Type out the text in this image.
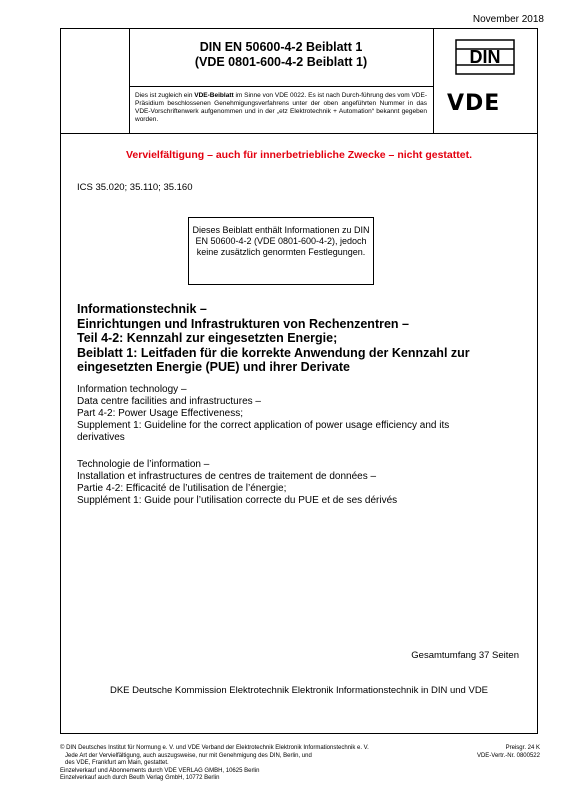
November 2018
DIN EN 50600-4-2 Beiblatt 1
(VDE 0801-600-4-2 Beiblatt 1)
Dies ist zugleich ein VDE-Beiblatt im Sinne von VDE 0022. Es ist nach Durch-führung des vom VDE-Präsidium beschlossenen Genehmigungsverfahrens unter der oben angeführten Nummer in das VDE-Vorschriftenwerk aufgenommen und in der „etz Elektrotechnik + Automation“ bekannt gegeben worden.
DIN
VDE
Vervielfältigung – auch für innerbetriebliche Zwecke – nicht gestattet.
ICS 35.020; 35.110; 35.160
Dieses Beiblatt enthält Informationen zu DIN EN 50600-4-2 (VDE 0801-600-4-2), jedoch keine zusätzlich genormten Festlegungen.
Informationstechnik –
Einrichtungen und Infrastrukturen von Rechenzentren –
Teil 4-2: Kennzahl zur eingesetzten Energie;
Beiblatt 1: Leitfaden für die korrekte Anwendung der Kennzahl zur
eingesetzten Energie (PUE) und ihrer Derivate
Information technology –
Data centre facilities and infrastructures –
Part 4-2: Power Usage Effectiveness;
Supplement 1: Guideline for the correct application of power usage efficiency and its
derivatives
Technologie de l’information –
Installation et infrastructures de centres de traitement de données –
Partie 4-2: Efficacité de l’utilisation de l’énergie;
Supplément 1: Guide pour l’utilisation correcte du PUE et de ses dérivés
Gesamtumfang 37 Seiten
DKE Deutsche Kommission Elektrotechnik Elektronik Informationstechnik in DIN und VDE
© DIN Deutsches Institut für Normung e. V. und VDE Verband der Elektrotechnik Elektronik Informationstechnik e. V.
Jede Art der Vervielfältigung, auch auszugsweise, nur mit Genehmigung des DIN, Berlin, und
des VDE, Frankfurt am Main, gestattet.
Einzelverkauf und Abonnements durch VDE VERLAG GMBH, 10625 Berlin
Einzelverkauf auch durch Beuth Verlag GmbH, 10772 Berlin
Preisgr. 24 K
VDE-Vertr.-Nr. 0800522
